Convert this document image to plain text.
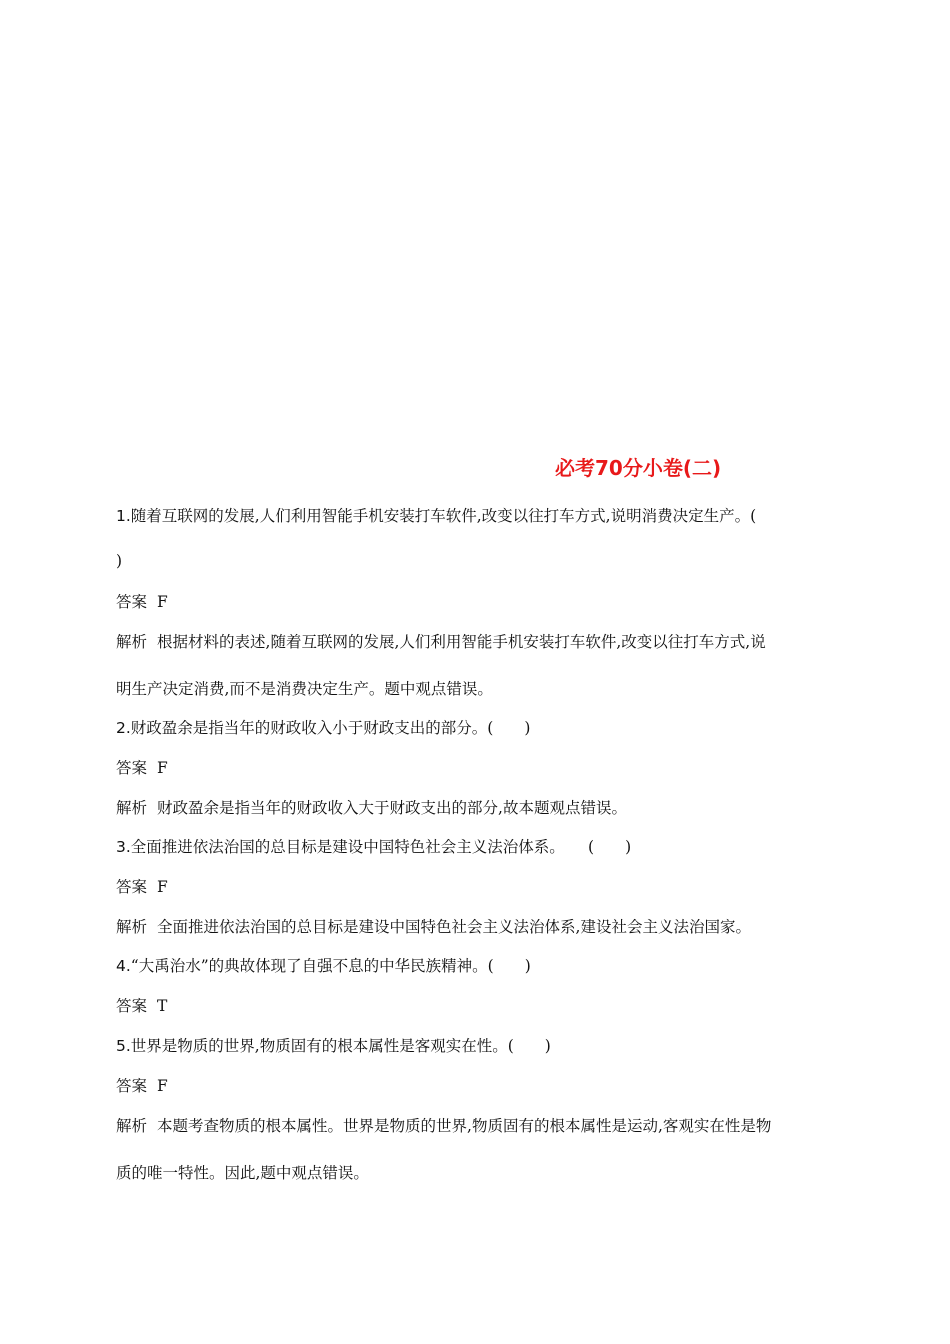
必考70分小卷(二)
1.随着互联网的发展,人们利用智能手机安装打车软件,改变以往打车方式,说明消费决定生产。(
)
答案 F
解析 根据材料的表述,随着互联网的发展,人们利用智能手机安装打车软件,改变以往打车方式,说
明生产决定消费,而不是消费决定生产。题中观点错误。
2.财政盈余是指当年的财政收入小于财政支出的部分。(　　)
答案 F
解析 财政盈余是指当年的财政收入大于财政支出的部分,故本题观点错误。
3.全面推进依法治国的总目标是建设中国特色社会主义法治体系。　　(　　)
答案 F
解析 全面推进依法治国的总目标是建设中国特色社会主义法治体系,建设社会主义法治国家。
4.“大禹治水”的典故体现了自强不息的中华民族精神。(　　)
答案 T
5.世界是物质的世界,物质固有的根本属性是客观实在性。(　　)
答案 F
解析 本题考查物质的根本属性。世界是物质的世界,物质固有的根本属性是运动,客观实在性是物
质的唯一特性。因此,题中观点错误。
